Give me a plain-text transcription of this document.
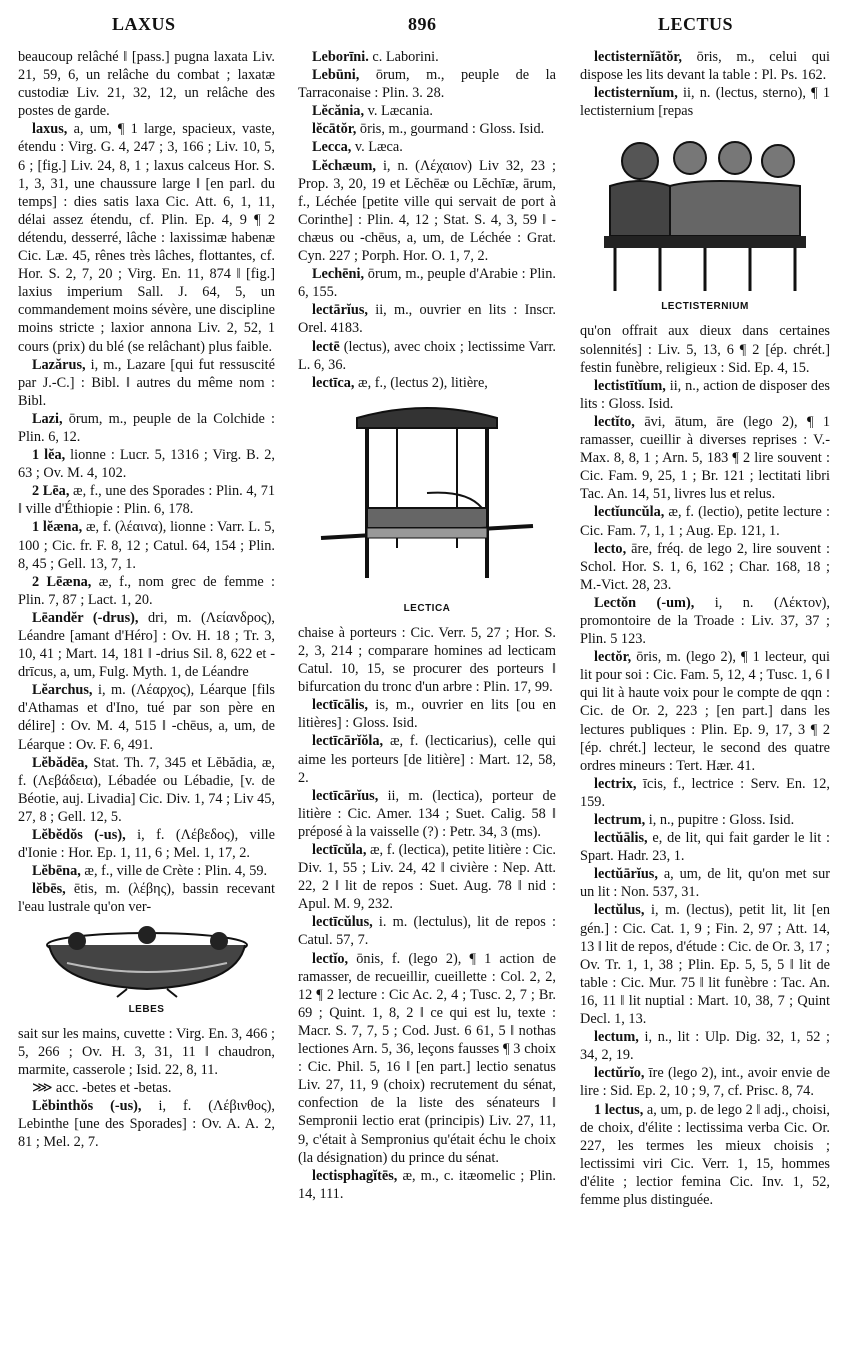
LAXUS	896	LECTUS

beaucoup relâché ‖ [pass.] pugna laxata Liv. 21, 59, 6, un relâche du combat ; laxatæ custodiæ Liv. 21, 32, 12, un relâche des postes de garde.

laxus, a, um, ¶ 1 large, spacieux, vaste, étendu : Virg. G. 4, 247 ; 3, 166 ; Liv. 10, 5, 6 ; [fig.] Liv. 24, 8, 1 ; laxus calceus Hor. S. 1, 3, 31, une chaussure large ‖ [en parl. du temps] : dies satis laxa Cic. Att. 6, 1, 11, délai assez étendu, cf. Plin. Ep. 4, 9 ¶ 2 détendu, desserré, lâche : laxissimæ habenæ Cic. Læ. 45, rênes très lâches, flottantes, cf. Hor. S. 2, 7, 20 ; Virg. En. 11, 874 ‖ [fig.] laxius imperium Sall. J. 64, 5, un commandement moins sévère, une discipline moins stricte ; laxior annona Liv. 2, 52, 1 cours (prix) du blé (se relâchant) plus faible.

Lazărus, i, m., Lazare [qui fut ressuscité par J.-C.] : Bibl. ‖ autres du même nom : Bibl.

Lazi, ōrum, m., peuple de la Colchide : Plin. 6, 12.

1 lĕa, lionne : Lucr. 5, 1316 ; Virg. B. 2, 63 ; Ov. M. 4, 102.

2 Lēa, æ, f., une des Sporades : Plin. 4, 71 ‖ ville d'Éthiopie : Plin. 6, 178.

1 lĕæna, æ, f. (λέαινα), lionne : Varr. L. 5, 100 ; Cic. fr. F. 8, 12 ; Catul. 64, 154 ; Plin. 8, 45 ; Gell. 13, 7, 1.

2 Lēæna, æ, f., nom grec de femme : Plin. 7, 87 ; Lact. 1, 20.

Lēandĕr (-drus), dri, m. (Λείανδρος), Léandre [amant d'Héro] : Ov. H. 18 ; Tr. 3, 10, 41 ; Mart. 14, 181 ‖ -drius Sil. 8, 622 et -drīcus, a, um, Fulg. Myth. 1, de Léandre

Lĕarchus, i, m. (Λέαρχος), Léarque [fils d'Athamas et d'Ino, tué par son père en délire] : Ov. M. 4, 515 ‖ -chēus, a, um, de Léarque : Ov. F. 6, 491.

Lĕbădēa, Stat. Th. 7, 345 et Lĕbădia, æ, f. (Λεβάδεια), Lébadée ou Lébadie, [v. de Béotie, auj. Livadia] Cic. Div. 1, 74 ; Liv 45, 27, 8 ; Gell. 12, 5.

Lĕbĕdŏs (-us), i, f. (Λέβεδος), ville d'Ionie : Hor. Ep. 1, 11, 6 ; Mel. 1, 17, 2.

Lĕbēna, æ, f., ville de Crète : Plin. 4, 59.

lĕbēs, ētis, m. (λέβης), bassin recevant l'eau lustrale qu'on ver-

LEBES

sait sur les mains, cuvette : Virg. En. 3, 466 ; 5, 266 ; Ov. H. 3, 31, 11 ‖ chaudron, marmite, casserole ; Isid. 22, 8, 11.

⋙ acc. -betes et -betas.

Lĕbinthŏs (-us), i, f. (Λέβινθος), Lebinthe [une des Sporades] : Ov. A. A. 2, 81 ; Mel. 2, 7.

Leborīni. c. Laborini.

Lebūni, ōrum, m., peuple de la Tarraconaise : Plin. 3. 28.

Lĕcănia, v. Læcania.

lĕcātŏr, ōris, m., gourmand : Gloss. Isid.

Lecca, v. Læca.

Lĕchæum, i, n. (Λέχαιον) Liv 32, 23 ; Prop. 3, 20, 19 et Lĕchēæ ou Lĕchīæ, ārum, f., Léchée [petite ville qui servait de port à Corinthe] : Plin. 4, 12 ; Stat. S. 4, 3, 59 ‖ -chæus ou -chēus, a, um, de Léchée : Grat. Cyn. 227 ; Porph. Hor. O. 1, 7, 2.

Lechēni, ōrum, m., peuple d'Arabie : Plin. 6, 155.

lectārĭus, ii, m., ouvrier en lits : Inscr. Orel. 4183.

lectē (lectus), avec choix ; lectissime Varr. L. 6, 36.

lectīca, æ, f., (lectus 2), litière,

LECTICA

chaise à porteurs : Cic. Verr. 5, 27 ; Hor. S. 2, 3, 214 ; comparare homines ad lecticam Catul. 10, 15, se procurer des porteurs ‖ bifurcation du tronc d'un arbre : Plin. 17, 99.

lectīcālis, is, m., ouvrier en lits [ou en litières] : Gloss. Isid.

lectīcārĭŏla, æ, f. (lecticarius), celle qui aime les porteurs [de litière] : Mart. 12, 58, 2.

lectīcārĭus, ii, m. (lectica), porteur de litière : Cic. Amer. 134 ; Suet. Calig. 58 ‖ préposé à la vaisselle (?) : Petr. 34, 3 (ms).

lectīcŭla, æ, f. (lectica), petite litière : Cic. Div. 1, 55 ; Liv. 24, 42 ‖ civière : Nep. Att. 22, 2 ‖ lit de repos : Suet. Aug. 78 ‖ nid : Apul. M. 9, 232.

lectīcŭlus, i. m. (lectulus), lit de repos : Catul. 57, 7.

lectĭo, ōnis, f. (lego 2), ¶ 1 action de ramasser, de recueillir, cueillette : Col. 2, 2, 12 ¶ 2 lecture : Cic Ac. 2, 4 ; Tusc. 2, 7 ; Br. 69 ; Quint. 1, 8, 2 ‖ ce qui est lu, texte : Macr. S. 7, 7, 5 ; Cod. Just. 6 61, 5 ‖ nothas lectiones Arn. 5, 36, leçons fausses ¶ 3 choix : Cic. Phil. 5, 16 ‖ [en part.] lectio senatus Liv. 27, 11, 9 (choix) recrutement du sénat, confection de la liste des sénateurs ‖ Sempronii lectio erat (principis) Liv. 27, 11, 9, c'était à Sempronius qu'était échu le choix (la désignation) du prince du sénat.

lectisphagĭtēs, æ, m., c. itæomelic ; Plin. 14, 111.

lectisternĭātŏr, ōris, m., celui qui dispose les lits devant la table : Pl. Ps. 162.

lectisternĭum, ii, n. (lectus, sterno), ¶ 1 lectisternium [repas

LECTISTERNIUM

qu'on offrait aux dieux dans certaines solennités] : Liv. 5, 13, 6 ¶ 2 [ép. chrét.] festin funèbre, religieux : Sid. Ep. 4, 15.

lectistītĭum, ii, n., action de disposer des lits : Gloss. Isid.

lectĭto, āvi, ātum, āre (lego 2), ¶ 1 ramasser, cueillir à diverses reprises : V.-Max. 8, 8, 1 ; Arn. 5, 183 ¶ 2 lire souvent : Cic. Fam. 9, 25, 1 ; Br. 121 ; lectitati libri Tac. An. 14, 51, livres lus et relus.

lectĭuncŭla, æ, f. (lectio), petite lecture : Cic. Fam. 7, 1, 1 ; Aug. Ep. 121, 1.

lecto, āre, fréq. de lego 2, lire souvent : Schol. Hor. S. 1, 6, 162 ; Char. 168, 18 ; M.-Vict. 28, 23.

Lectŏn (-um), i, n. (Λέκτον), promontoire de la Troade : Liv. 37, 37 ; Plin. 5 123.

lectŏr, ōris, m. (lego 2), ¶ 1 lecteur, qui lit pour soi : Cic. Fam. 5, 12, 4 ; Tusc. 1, 6 ‖ qui lit à haute voix pour le compte de qqn : Cic. de Or. 2, 223 ; [en part.] dans les lectures publiques : Plin. Ep. 9, 17, 3 ¶ 2 [ép. chrét.] lecteur, le second des quatre ordres mineurs : Tert. Hær. 41.

lectrix, īcis, f., lectrice : Serv. En. 12, 159.

lectrum, i, n., pupitre : Gloss. Isid.

lectŭālis, e, de lit, qui fait garder le lit : Spart. Hadr. 23, 1.

lectŭārĭus, a, um, de lit, qu'on met sur un lit : Non. 537, 31.

lectŭlus, i, m. (lectus), petit lit, lit [en gén.] : Cic. Cat. 1, 9 ; Fin. 2, 97 ; Att. 14, 13 ‖ lit de repos, d'étude : Cic. de Or. 3, 17 ; Ov. Tr. 1, 1, 38 ; Plin. Ep. 5, 5, 5 ‖ lit de table : Cic. Mur. 75 ‖ lit funèbre : Tac. An. 16, 11 ‖ lit nuptial : Mart. 10, 38, 7 ; Quint Decl. 1, 13.

lectum, i, n., lit : Ulp. Dig. 32, 1, 52 ; 34, 2, 19.

lectŭrĭo, īre (lego 2), int., avoir envie de lire : Sid. Ep. 2, 10 ; 9, 7, cf. Prisc. 8, 74.

1 lectus, a, um, p. de lego 2 ‖ adj., choisi, de choix, d'élite : lectissima verba Cic. Or. 227, les termes les mieux choisis ; lectissimi viri Cic. Verr. 1, 15, hommes d'élite ; lectior femina Cic. Inv. 1, 52, femme plus distinguée.
